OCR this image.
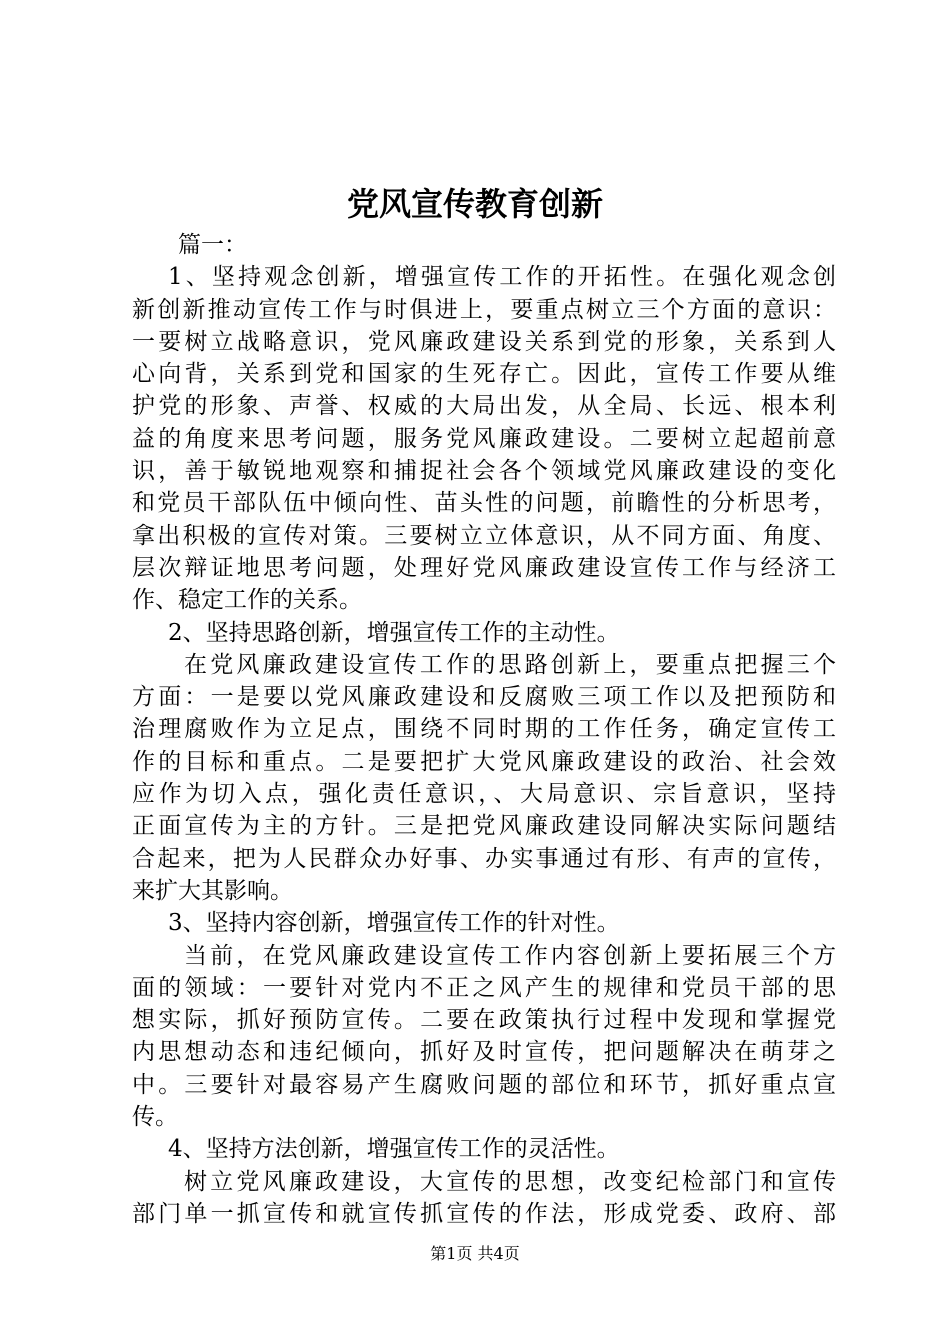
党风宣传教育创新
篇一：
1、坚持观念创新，增强宣传工作的开拓性。在强化观念创
新创新推动宣传工作与时俱进上，要重点树立三个方面的意识：
一要树立战略意识，党风廉政建设关系到党的形象，关系到人
心向背，关系到党和国家的生死存亡。因此，宣传工作要从维
护党的形象、声誉、权威的大局出发，从全局、长远、根本利
益的角度来思考问题，服务党风廉政建设。二要树立起超前意
识，善于敏锐地观察和捕捉社会各个领域党风廉政建设的变化
和党员干部队伍中倾向性、苗头性的问题，前瞻性的分析思考，
拿出积极的宣传对策。三要树立立体意识，从不同方面、角度、
层次辩证地思考问题，处理好党风廉政建设宣传工作与经济工
作、稳定工作的关系。
2、坚持思路创新，增强宣传工作的主动性。
在党风廉政建设宣传工作的思路创新上，要重点把握三个
方面：一是要以党风廉政建设和反腐败三项工作以及把预防和
治理腐败作为立足点，围绕不同时期的工作任务，确定宣传工
作的目标和重点。二是要把扩大党风廉政建设的政治、社会效
应作为切入点，强化责任意识，、大局意识、宗旨意识，坚持
正面宣传为主的方针。三是把党风廉政建设同解决实际问题结
合起来，把为人民群众办好事、办实事通过有形、有声的宣传，
来扩大其影响。
3、坚持内容创新，增强宣传工作的针对性。
当前，在党风廉政建设宣传工作内容创新上要拓展三个方
面的领域：一要针对党内不正之风产生的规律和党员干部的思
想实际，抓好预防宣传。二要在政策执行过程中发现和掌握党
内思想动态和违纪倾向，抓好及时宣传，把问题解决在萌芽之
中。三要针对最容易产生腐败问题的部位和环节，抓好重点宣
传。
4、坚持方法创新，增强宣传工作的灵活性。
树立党风廉政建设，大宣传的思想，改变纪检部门和宣传
部门单一抓宣传和就宣传抓宣传的作法，形成党委、政府、部
第1页 共4页
